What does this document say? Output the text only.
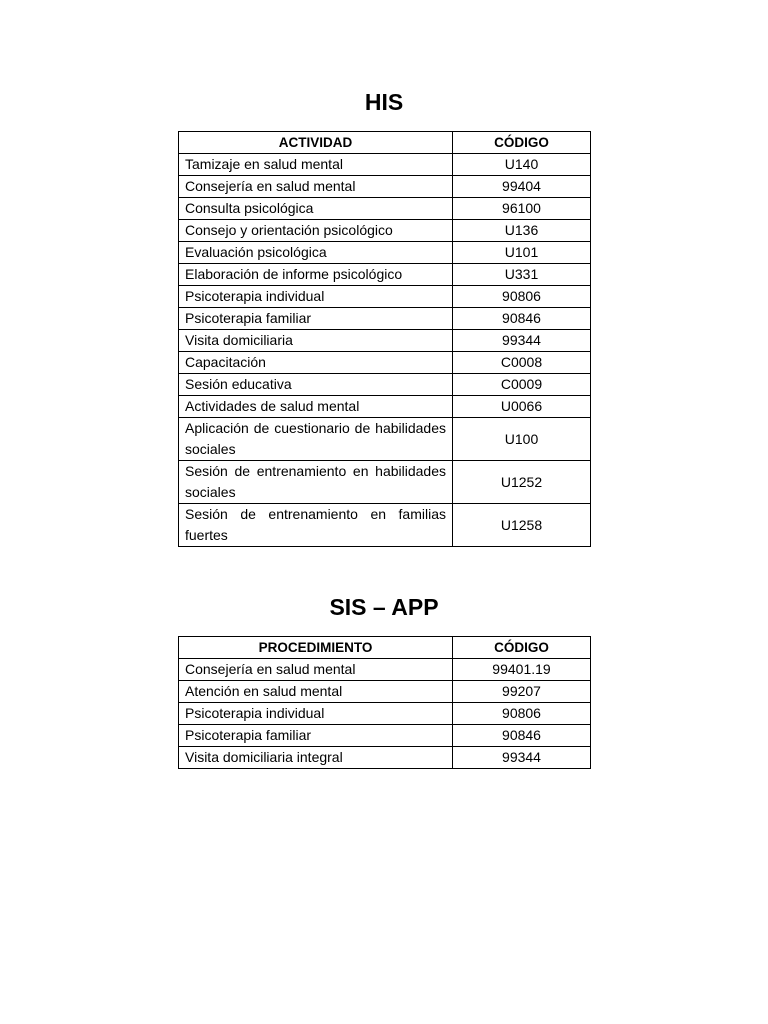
HIS
ACTIVIDAD	CÓDIGO
Tamizaje en salud mental	U140
Consejería en salud mental	99404
Consulta psicológica	96100
Consejo y orientación psicológico	U136
Evaluación psicológica	U101
Elaboración de informe psicológico	U331
Psicoterapia individual	90806
Psicoterapia familiar	90846
Visita domiciliaria	99344
Capacitación	C0008
Sesión educativa	C0009
Actividades de salud mental	U0066
Aplicación de cuestionario de habilidades sociales	U100
Sesión de entrenamiento en habilidades sociales	U1252
Sesión de entrenamiento en familias fuertes	U1258
SIS – APP
PROCEDIMIENTO	CÓDIGO
Consejería en salud mental	99401.19
Atención en salud mental	99207
Psicoterapia individual	90806
Psicoterapia familiar	90846
Visita domiciliaria integral	99344
